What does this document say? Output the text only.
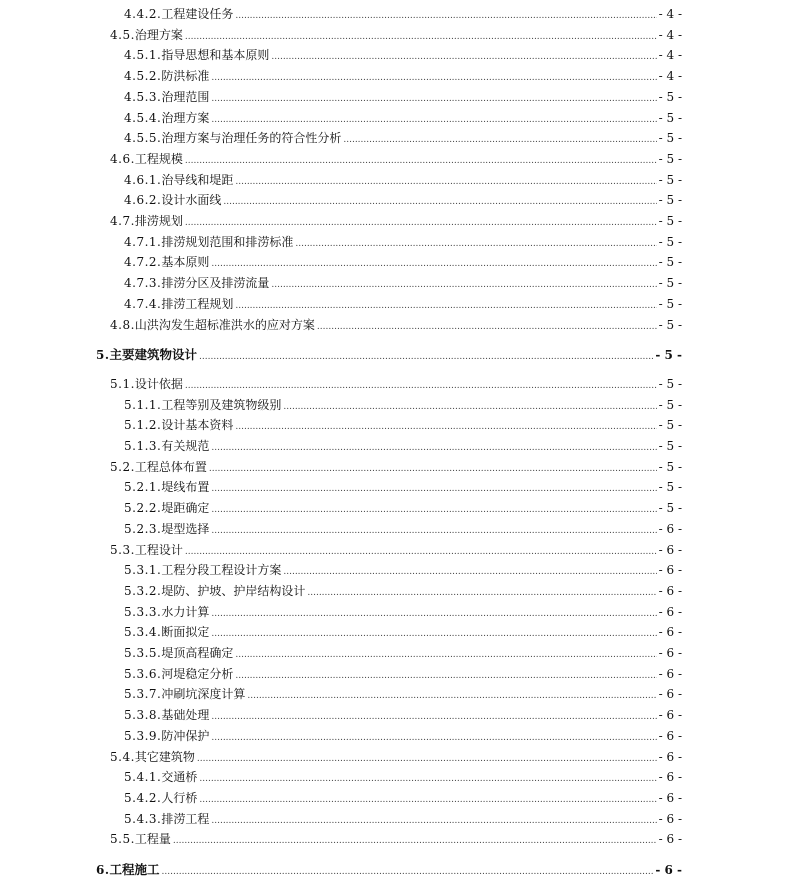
4.4.2. 工程建设任务 .....	- 4 -
4.5. 治理方案 .....	- 4 -
4.5.1. 指导思想和基本原则 .....	- 4 -
4.5.2. 防洪标准 .....	- 4 -
4.5.3. 治理范围 .....	- 5 -
4.5.4. 治理方案 .....	- 5 -
4.5.5. 治理方案与治理任务的符合性分析 .....	- 5 -
4.6. 工程规模 .....	- 5 -
4.6.1. 治导线和堤距 .....	- 5 -
4.6.2. 设计水面线 .....	- 5 -
4.7. 排涝规划 .....	- 5 -
4.7.1. 排涝规划范围和排涝标准 .....	- 5 -
4.7.2. 基本原则 .....	- 5 -
4.7.3. 排涝分区及排涝流量 .....	- 5 -
4.7.4. 排涝工程规划 .....	- 5 -
4.8. 山洪沟发生超标准洪水的应对方案 .....	- 5 -
5. 主要建筑物设计 .....	- 5 -
5.1. 设计依据 .....	- 5 -
5.1.1. 工程等别及建筑物级别 .....	- 5 -
5.1.2. 设计基本资料 .....	- 5 -
5.1.3. 有关规范 .....	- 5 -
5.2. 工程总体布置 .....	- 5 -
5.2.1. 堤线布置 .....	- 5 -
5.2.2. 堤距确定 .....	- 5 -
5.2.3. 堤型选择 .....	- 6 -
5.3. 工程设计 .....	- 6 -
5.3.1. 工程分段工程设计方案 .....	- 6 -
5.3.2. 堤防、护坡、护岸结构设计 .....	- 6 -
5.3.3. 水力计算 .....	- 6 -
5.3.4. 断面拟定 .....	- 6 -
5.3.5. 堤顶高程确定 .....	- 6 -
5.3.6. 河堤稳定分析 .....	- 6 -
5.3.7. 冲刷坑深度计算 .....	- 6 -
5.3.8. 基础处理 .....	- 6 -
5.3.9. 防冲保护 .....	- 6 -
5.4. 其它建筑物 .....	- 6 -
5.4.1. 交通桥 .....	- 6 -
5.4.2. 人行桥 .....	- 6 -
5.4.3. 排涝工程 .....	- 6 -
5.5. 工程量 .....	- 6 -
6. 工程施工 .....	- 6 -
